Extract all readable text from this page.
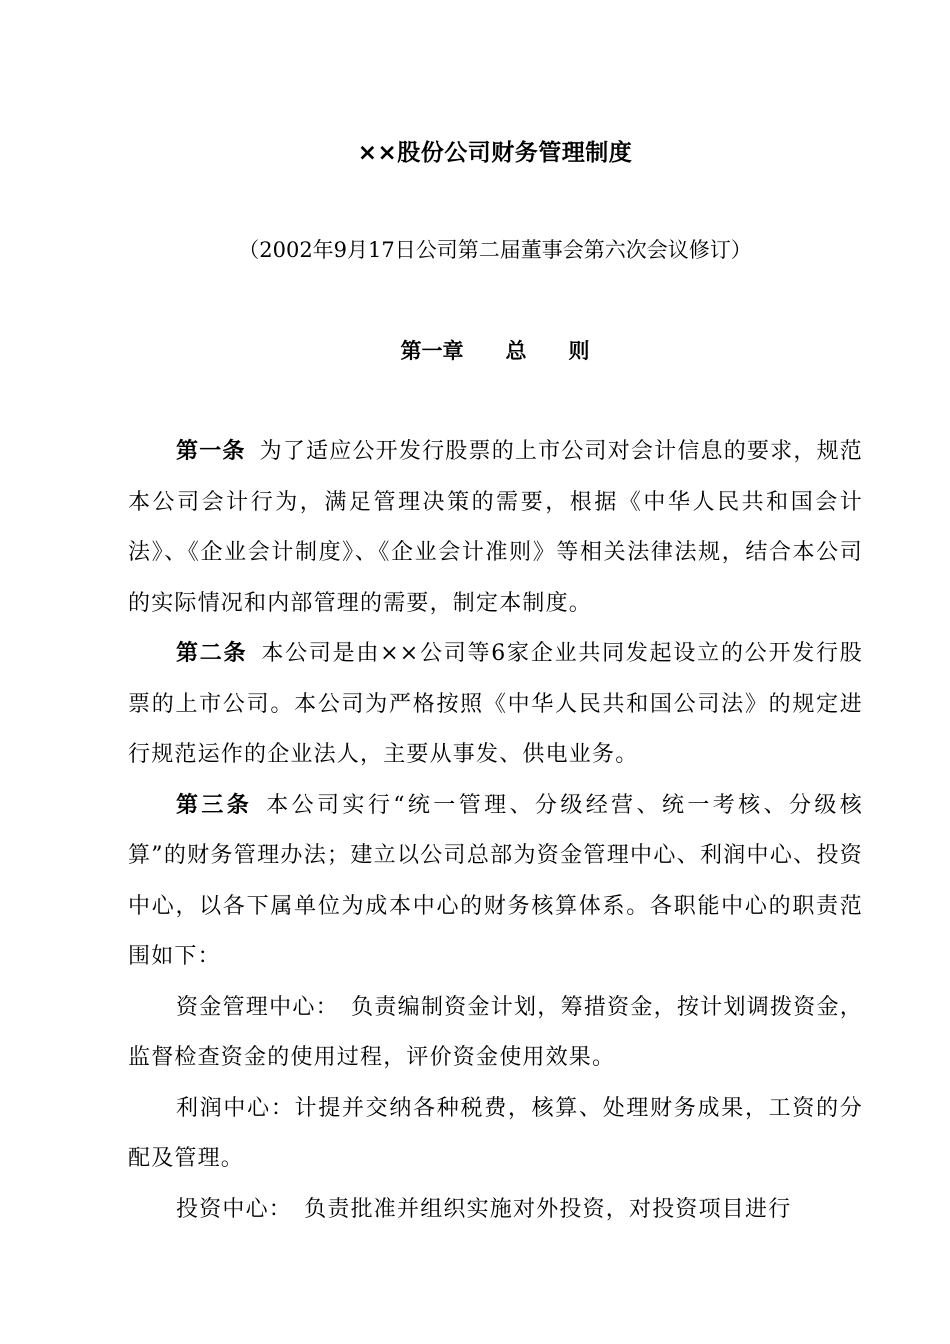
××股份公司财务管理制度
（2002年9月17日公司第二届董事会第六次会议修订）
第一章　　总　　则

第一条 为了适应公开发行股票的上市公司对会计信息的要求，规范本公司会计行为，满足管理决策的需要，根据《中华人民共和国会计法》、《企业会计制度》、《企业会计准则》等相关法律法规，结合本公司的实际情况和内部管理的需要，制定本制度。

第二条 本公司是由××公司等6家企业共同发起设立的公开发行股票的上市公司。本公司为严格按照《中华人民共和国公司法》的规定进行规范运作的企业法人，主要从事发、供电业务。

第三条 本公司实行“统一管理、分级经营、统一考核、分级核算”的财务管理办法；建立以公司总部为资金管理中心、利润中心、投资中心，以各下属单位为成本中心的财务核算体系。各职能中心的职责范围如下：

资金管理中心：　负责编制资金计划，筹措资金，按计划调拨资金，监督检查资金的使用过程，评价资金使用效果。

利润中心：计提并交纳各种税费，核算、处理财务成果，工资的分配及管理。

投资中心：　负责批准并组织实施对外投资，对投资项目进行
